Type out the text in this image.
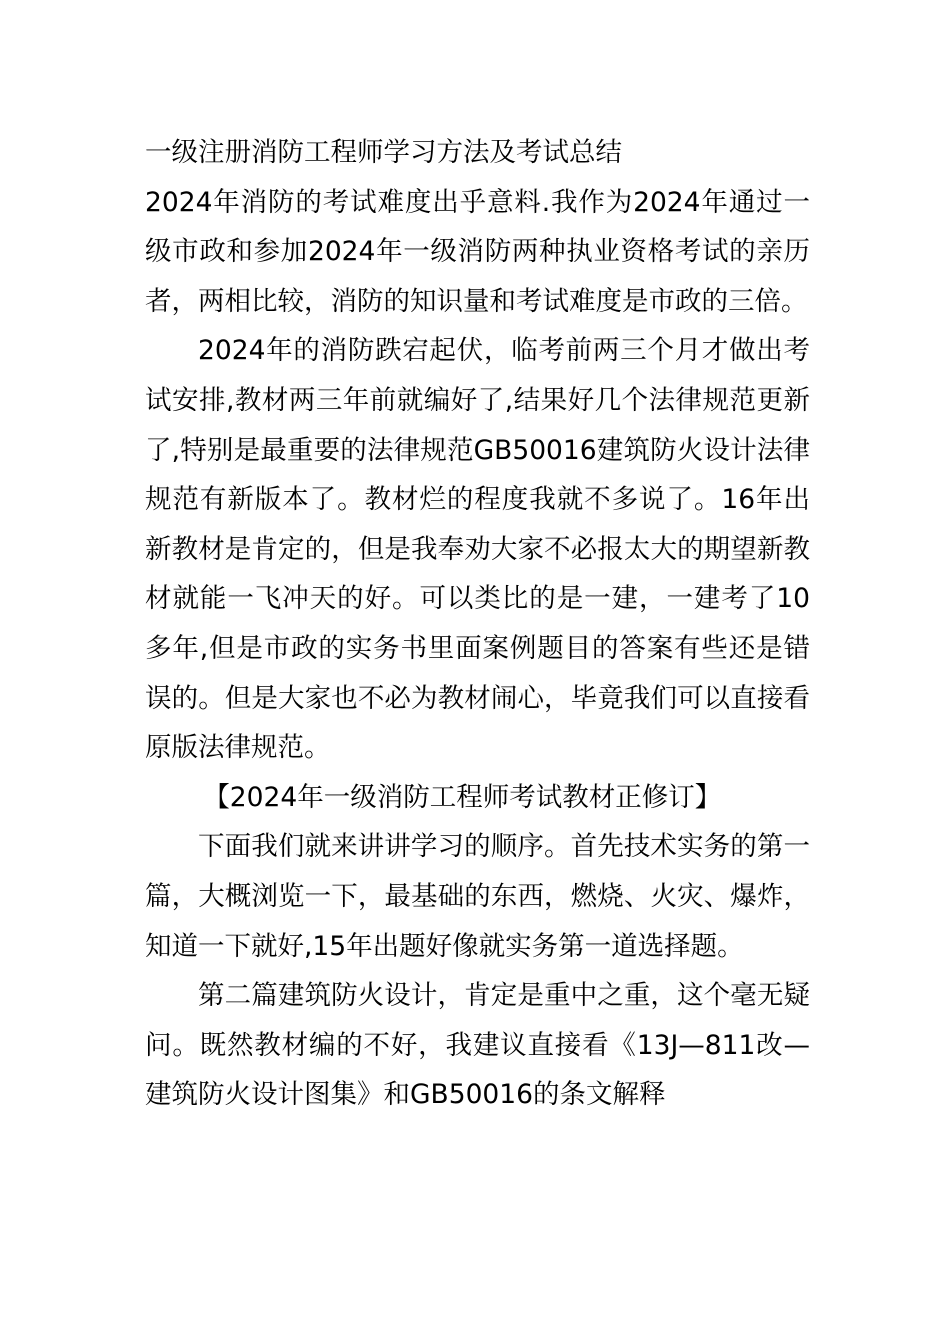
一级注册消防工程师学习方法及考试总结

2024年消防的考试难度出乎意料.我作为2024年通过一级市政和参加2024年一级消防两种执业资格考试的亲历者，两相比较，消防的知识量和考试难度是市政的三倍。

2024年的消防跌宕起伏，临考前两三个月才做出考试安排,教材两三年前就编好了,结果好几个法律规范更新了,特别是最重要的法律规范GB50016建筑防火设计法律规范有新版本了。教材烂的程度我就不多说了。16年出新教材是肯定的，但是我奉劝大家不必报太大的期望新教材就能一飞冲天的好。可以类比的是一建，一建考了10多年,但是市政的实务书里面案例题目的答案有些还是错误的。但是大家也不必为教材闹心，毕竟我们可以直接看原版法律规范。

【2024年一级消防工程师考试教材正修订】

下面我们就来讲讲学习的顺序。首先技术实务的第一篇，大概浏览一下，最基础的东西，燃烧、火灾、爆炸，知道一下就好,15年出题好像就实务第一道选择题。

第二篇建筑防火设计，肯定是重中之重，这个毫无疑问。既然教材编的不好，我建议直接看《13J—811改—建筑防火设计图集》和GB50016的条文解释
